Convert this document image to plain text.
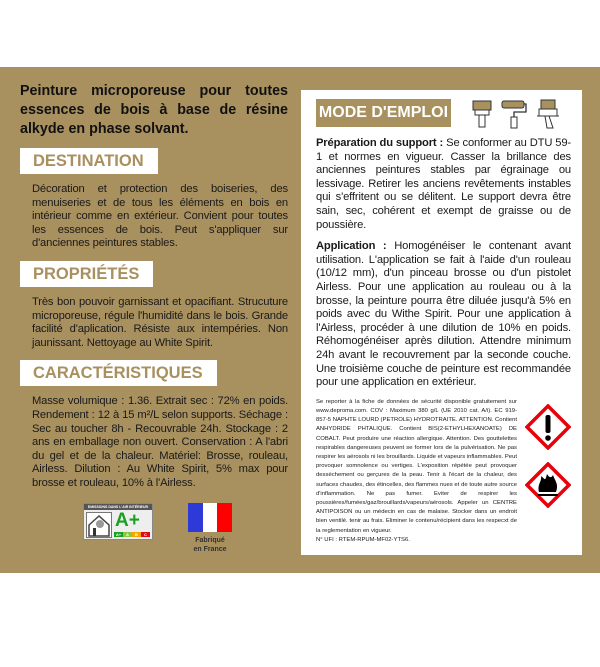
Peinture microporeuse pour toutes essences de bois à base de résine alkyde en phase solvant.
DESTINATION
Décoration et protection des boiseries, des menuiseries et de tous les éléments en bois en intérieur comme en extérieur. Convient pour toutes les essences de bois. Peut s'appliquer sur d'anciennes peintures stables.
PROPRIÉTÉS
Très bon pouvoir garnissant et opacifiant. Strucuture microporeuse, régule l'humidité dans le bois. Grande facilité d'aplication. Résiste aux intempéries. Non jaunissant. Nettoyage au White Spirit.
CARACTÉRISTIQUES
Masse volumique : 1.36. Extrait sec : 72% en poids. Rendement : 12 à 15 m²/L selon supports. Séchage : Sec au toucher 8h - Recouvrable 24h. Stockage : 2 ans en emballage non ouvert. Conservation : A l'abri du gel et de la chaleur. Matériel: Brosse, rouleau, Airless. Dilution : Au White Spirit, 5% max pour brosse et rouleau, 10% à l'Airless.
EMISSIONS DANS L'AIR INTÉRIEUR
A+
A+	A	B	C
Fabriqué
en France
MODE D'EMPLOI
Préparation du support : Se conformer au DTU 59-1 et normes en vigueur. Casser la brillance des anciennes peintures stables par égrainage ou lessivage. Retirer les anciens revêtements instables qui s'effritent ou se délitent. Le support devra être sain, sec, cohérent et exempt de graisse ou de poussière.
Application : Homogénéiser le contenant avant utilisation. L'application se fait à l'aide d'un rouleau (10/12 mm), d'un pinceau brosse ou d'un pistolet Airless. Pour une application au rouleau ou à la brosse, la peinture pourra être diluée jusqu'à 5% en poids avec du Withe Spirit. Pour une application à l'Airless, procéder à une dilution de 10% en poids. Réhomogénéiser après dilution. Attendre minimum 24h avant le recouvrement par la seconde couche. Une troisième couche de peinture est recommandée pour une application en extérieur.
Se reporter à la fiche de données de sécurité disponible gratuitement sur www.deproma.com. COV : Maximum 380 g/L (UE 2010 cat. A/i). EC 919-857-5 NAPHTE LOURD (PETROLE) HYDROTRAITE. ATTENTION. Contient ANHYDRIDE PHTALIQUE. Contient BIS(2-ETHYLHEXANOATE) DE COBALT. Peut produire une réaction allergique. Attention. Des gouttelettes respirables dangereuses peuvent se former lors de la pulvérisation. Ne pas respirer les aérosols ni les brouillards. Liquide et vapeurs inflammables. Peut provoquer somnolence ou vertiges. L'exposition répétée peut provoquer dessèchement ou gerçures de la peau. Tenir à l'écart de la chaleur, des surfaces chaudes, des étincelles, des flammes nues et de toute autre source d'inflammation. Ne pas fumer. Eviter de respirer les poussières/fumées/gaz/brouillards/vapeurs/aérosols. Appeler un CENTRE ANTIPOISON ou un médecin en cas de malaise. Stocker dans un endroit bien ventilé. tenir au frais. Eliminer le contenu/récipient dans les respecxt de la reglementation en vigueur.
N° UFI : RTEM-RPUM-MF02-YTS6.
